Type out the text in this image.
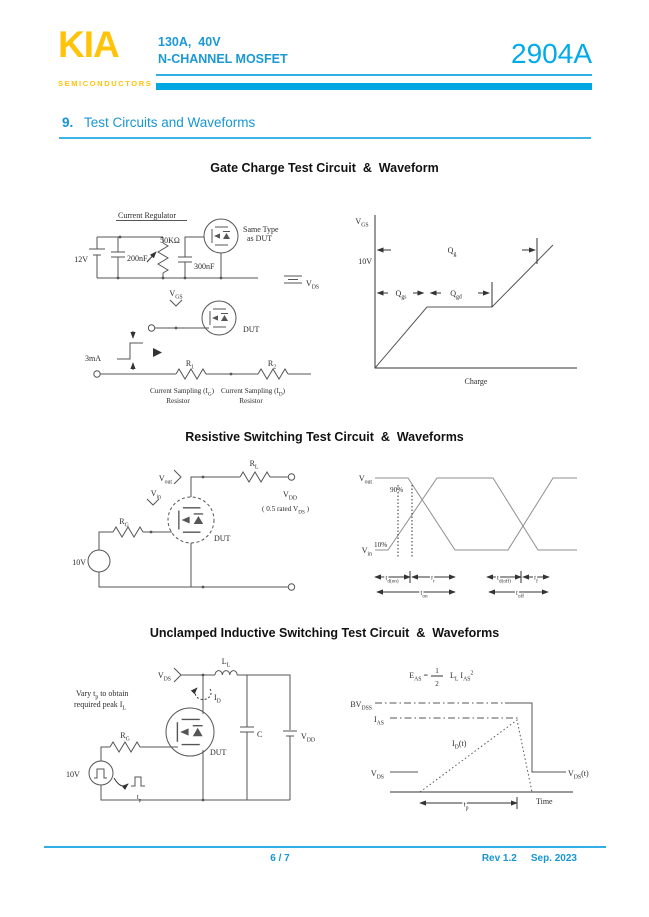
KIA
SEMICONDUCTORS
130A,  40V
N-CHANNEL MOSFET	2904A
9. Test Circuits and Waveforms
Gate Charge Test Circuit  &  Waveform
Resistive Switching Test Circuit  &  Waveforms
Unclamped Inductive Switching Test Circuit  &  Waveforms
Current Regulator
12V	200nF
50KΩ
300nF
Same Type
as DUT
$V_{DS}$
$V_{GS}$
DUT
3mA
$R_1$	$R_2$
Current Sampling $(I_G)$
Resistor
Current Sampling $(I_D)$
Resistor
$V_{GS}$
10V
$Q_g$
$Q_{gs}$	$Q_{gd}$
Charge
$V_{out}$
$V_{in}$
$R_L$
$V_{DD}$
( 0.5 rated $V_{DS}$ )
$R_G$
DUT
10V
$V_{out}$
$V_{in}$
90%
10%
$t_{d(on)}$	$t_r$
$t_{on}$
$t_{d(off)}$	$t_f$
$t_{off}$
$V_{DS}$
$L_L$
$V_{DD}$
C
$I_D$
Vary $t_p$ to obtain
required peak $I_L$
DUT
$R_G$
10V
$t_p$
$E_{AS} = 1$
2
$L_L$ $I_{AS}^2$
$BV_{DSS}$
$V_{DS}(t)$
$I_{AS}$
$I_D(t)$
$V_{DS}$
Time
$t_p$
6 / 7	Rev 1.2 Sep. 2023
